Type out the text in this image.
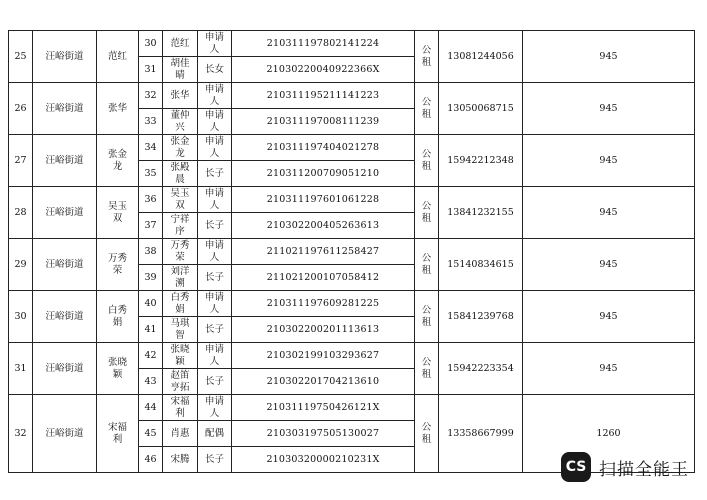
25	汪峪街道	范红	30	范红	申请人	210311197802141224	公租	13081244056	945
			31	胡佳晴	长女	21030220040922366X			
26	汪峪街道	张华	32	张华	申请人	210311195211141223	公租	13050068715	945
			33	董仲兴	申请人	210311197008111239			
27	汪峪街道	张金龙	34	张金龙	申请人	210311197404021278	公租	15942212348	945
			35	张殿晨	长子	210311200709051210			
28	汪峪街道	吴玉双	36	吴玉双	申请人	210311197601061228	公租	13841232155	945
			37	宁祥序	长子	210302200405263613			
29	汪峪街道	万秀荣	38	万秀荣	申请人	211021197611258427	公租	15140834615	945
			39	刘洋溯	长子	211021200107058412			
30	汪峪街道	白秀娟	40	白秀娟	申请人	210311197609281225	公租	15841239768	945
			41	马琪智	长子	210302200201113613			
31	汪峪街道	张晓颖	42	张晓颖	申请人	210302199103293627	公租	15942223354	945
			43	赵笛亨拓	长子	210302201704213610			
32	汪峪街道	宋福利	44	宋福利	申请人	21031119750426121X	公租	13358667999	1260
			45	肖惠	配偶	210303197505130027			
			46	宋腾	长子	21030320000210231X				CS 扫描全能王
